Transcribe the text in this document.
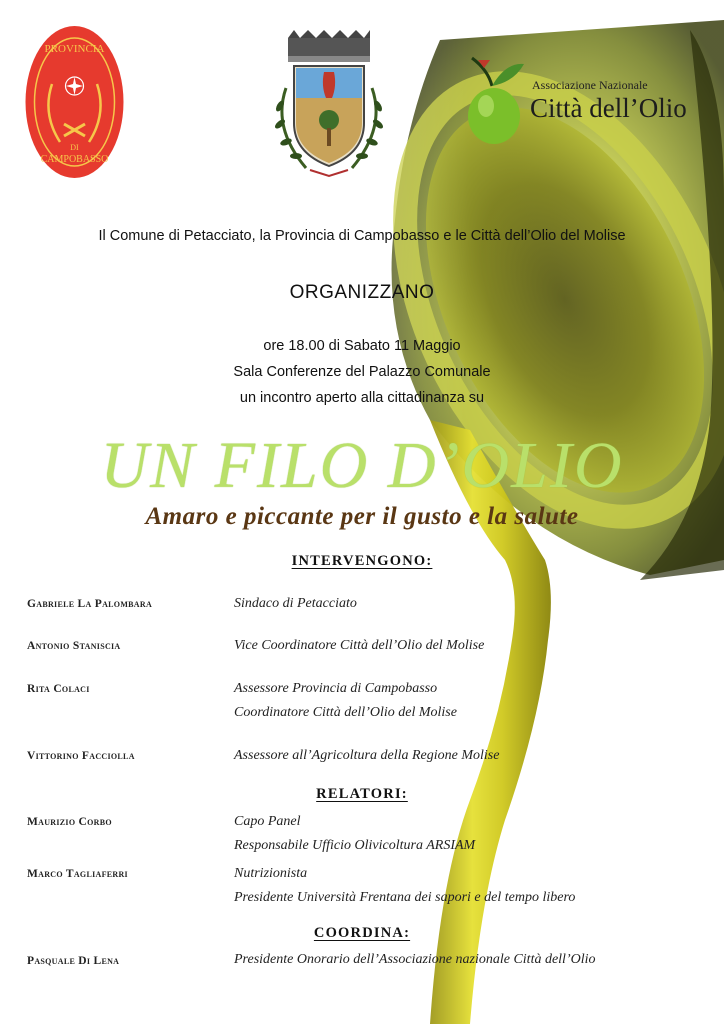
PROVINCIA
DI
CAMPOBASSO
Associazione Nazionale
Città dell’Olio
Il Comune di Petacciato, la Provincia di Campobasso e le Città dell’Olio del Molise
ORGANIZZANO
ore 18.00 di Sabato 11 Maggio
Sala Conferenze del Palazzo Comunale
un incontro aperto alla cittadinanza su
UN FILO D’OLIO
Amaro e piccante per il gusto e la salute
INTERVENGONO:
Gabriele La Palombara	Sindaco di Petacciato
Antonio Staniscia	Vice Coordinatore Città dell’Olio del Molise
Rita Colaci	Assessore Provincia di Campobasso
Coordinatore Città dell’Olio del Molise
Vittorino Facciolla	Assessore all’Agricoltura della Regione Molise
RELATORI:
Maurizio Corbo	Capo Panel
Responsabile Ufficio Olivicoltura ARSIAM
Marco Tagliaferri	Nutrizionista
Presidente Università Frentana dei sapori e del tempo libero
COORDINA:
Pasquale Di Lena	Presidente Onorario dell’Associazione nazionale Città dell’Olio
